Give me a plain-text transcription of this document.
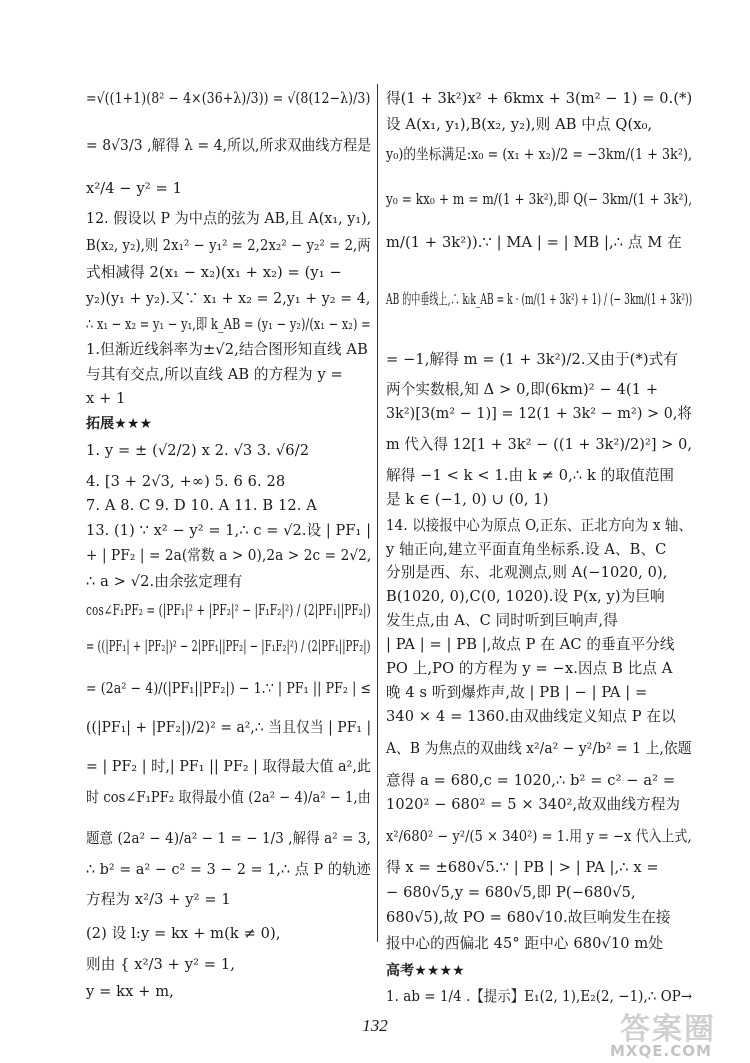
=√((1+1)(8² − 4×(36+λ)/3)) = √(8(12−λ)/3)
= 8√3/3 ,解得 λ = 4,所以,所求双曲线方程是
x²/4 − y² = 1
12. 假设以 P 为中点的弦为 AB,且 A(x₁, y₁),
B(x₂, y₂),则 2x₁² − y₁² = 2,2x₂² − y₂² = 2,两
式相减得 2(x₁ − x₂)(x₁ + x₂) = (y₁ −
y₂)(y₁ + y₂).又∵ x₁ + x₂ = 2,y₁ + y₂ = 4,
∴ x₁ − x₂ = y₁ − y₁,即 k_AB = (y₁ − y₂)/(x₁ − x₂) =
1.但渐近线斜率为±√2,结合图形知直线 AB
与其有交点,所以直线 AB 的方程为 y =
x + 1
拓展★★★
1. y = ± (√2/2) x 2. √3 3. √6/2
4. [3 + 2√3, +∞) 5. 6 6. 28
7. A 8. C 9. D 10. A 11. B 12. A
13. (1) ∵ x² − y² = 1,∴ c = √2.设 | PF₁ |
+ | PF₂ | = 2a(常数 a > 0),2a > 2c = 2√2,
∴ a > √2.由余弦定理有
cos∠F₁PF₂ = (|PF₁|² + |PF₂|² − |F₁F₂|²) / (2|PF₁||PF₂|)
= ((|PF₁| + |PF₂|)² − 2|PF₁||PF₂| − |F₁F₂|²) / (2|PF₁||PF₂|)
= (2a² − 4)/(|PF₁||PF₂|) − 1.∵ | PF₁ || PF₂ | ≤
((|PF₁| + |PF₂|)/2)² = a²,∴ 当且仅当 | PF₁ |
= | PF₂ | 时,| PF₁ || PF₂ | 取得最大值 a²,此
时 cos∠F₁PF₂ 取得最小值 (2a² − 4)/a² − 1,由
题意 (2a² − 4)/a² − 1 = − 1/3 ,解得 a² = 3,
∴ b² = a² − c² = 3 − 2 = 1,∴ 点 P 的轨迹
方程为 x²/3 + y² = 1
(2) 设 l:y = kx + m(k ≠ 0),
则由 { x²/3 + y² = 1,
y = kx + m,
得(1 + 3k²)x² + 6kmx + 3(m² − 1) = 0.(*)
设 A(x₁, y₁),B(x₂, y₂),则 AB 中点 Q(x₀,
y₀)的坐标满足:x₀ = (x₁ + x₂)/2 = −3km/(1 + 3k²),
y₀ = kx₀ + m = m/(1 + 3k²),即 Q(− 3km/(1 + 3k²),
m/(1 + 3k²)).∵ | MA | = | MB |,∴ 点 M 在
AB 的中垂线上,∴ kₗk_AB = k · (m/(1 + 3k²) + 1) / (− 3km/(1 + 3k²))
= −1,解得 m = (1 + 3k²)/2.又由于(*)式有
两个实数根,知 Δ > 0,即(6km)² − 4(1 +
3k²)[3(m² − 1)] = 12(1 + 3k² − m²) > 0,将
m 代入得 12[1 + 3k² − ((1 + 3k²)/2)²] > 0,
解得 −1 < k < 1.由 k ≠ 0,∴ k 的取值范围
是 k ∈ (−1, 0) ∪ (0, 1)
14. 以接报中心为原点 O,正东、正北方向为 x 轴、
y 轴正向,建立平面直角坐标系.设 A、B、C
分别是西、东、北观测点,则 A(−1020, 0),
B(1020, 0),C(0, 1020).设 P(x, y)为巨响
发生点,由 A、C 同时听到巨响声,得
| PA | = | PB |,故点 P 在 AC 的垂直平分线
PO 上,PO 的方程为 y = −x.因点 B 比点 A
晚 4 s 听到爆炸声,故 | PB | − | PA | =
340 × 4 = 1360.由双曲线定义知点 P 在以
A、B 为焦点的双曲线 x²/a² − y²/b² = 1 上,依题
意得 a = 680,c = 1020,∴ b² = c² − a² =
1020² − 680² = 5 × 340²,故双曲线方程为
x²/680² − y²/(5 × 340²) = 1.用 y = −x 代入上式,
得 x = ±680√5.∵ | PB | > | PA |,∴ x =
− 680√5,y = 680√5,即 P(−680√5,
680√5),故 PO = 680√10.故巨响发生在接
报中心的西偏北 45° 距中心 680√10 m处
高考★★★★
1. ab = 1/4 .【提示】E₁(2, 1),E₂(2, −1),∴ OP→
132	答案圈
MXQE.COM
